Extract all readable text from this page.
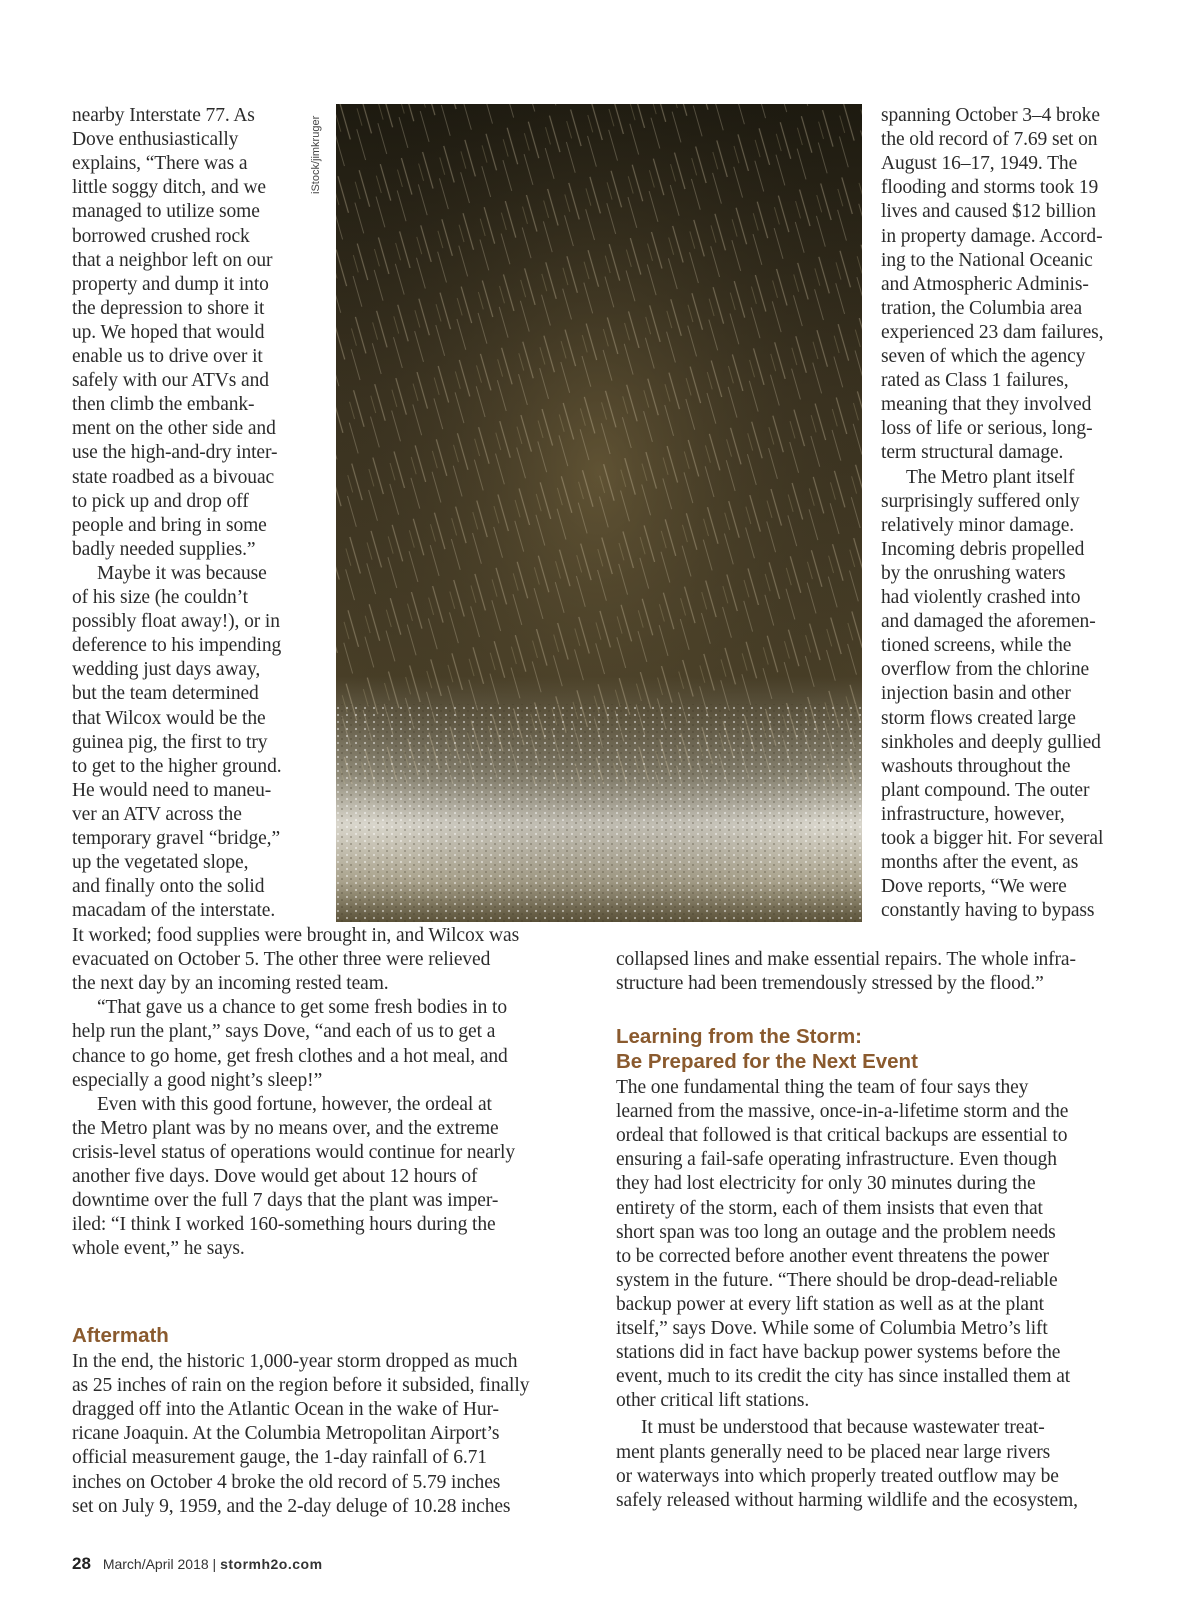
iStock/jimkruger
28 March/April 2018 | stormh2o.com
nearby Interstate 77. As
Dove enthusiastically
explains, “There was a
little soggy ditch, and we
managed to utilize some
borrowed crushed rock
that a neighbor left on our
property and dump it into
the depression to shore it
up. We hoped that would
enable us to drive over it
safely with our ATVs and
then climb the embank-
ment on the other side and
use the high-and-dry inter-
state roadbed as a bivouac
to pick up and drop off
people and bring in some
badly needed supplies.”
Maybe it was because
of his size (he couldn’t
possibly float away!), or in
deference to his impending
wedding just days away,
but the team determined
that Wilcox would be the
guinea pig, the first to try
to get to the higher ground.
He would need to maneu-
ver an ATV across the
temporary gravel “bridge,”
up the vegetated slope,
and finally onto the solid
macadam of the interstate.
It worked; food supplies were brought in, and Wilcox was
evacuated on October 5. The other three were relieved
the next day by an incoming rested team.
“That gave us a chance to get some fresh bodies in to
help run the plant,” says Dove, “and each of us to get a
chance to go home, get fresh clothes and a hot meal, and
especially a good night’s sleep!”
Even with this good fortune, however, the ordeal at
the Metro plant was by no means over, and the extreme
crisis-level status of operations would continue for nearly
another five days. Dove would get about 12 hours of
downtime over the full 7 days that the plant was imper-
iled: “I think I worked 160-something hours during the
whole event,” he says.
Aftermath
In the end, the historic 1,000-year storm dropped as much
as 25 inches of rain on the region before it subsided, finally
dragged off into the Atlantic Ocean in the wake of Hur-
ricane Joaquin. At the Columbia Metropolitan Airport’s
official measurement gauge, the 1-day rainfall of 6.71
inches on October 4 broke the old record of 5.79 inches
set on July 9, 1959, and the 2-day deluge of 10.28 inches
spanning October 3–4 broke
the old record of 7.69 set on
August 16–17, 1949. The
flooding and storms took 19
lives and caused $12 billion
in property damage. Accord-
ing to the National Oceanic
and Atmospheric Adminis-
tration, the Columbia area
experienced 23 dam failures,
seven of which the agency
rated as Class 1 failures,
meaning that they involved
loss of life or serious, long-
term structural damage.
The Metro plant itself
surprisingly suffered only
relatively minor damage.
Incoming debris propelled
by the onrushing waters
had violently crashed into
and damaged the aforemen-
tioned screens, while the
overflow from the chlorine
injection basin and other
storm flows created large
sinkholes and deeply gullied
washouts throughout the
plant compound. The outer
infrastructure, however,
took a bigger hit. For several
months after the event, as
Dove reports, “We were
constantly having to bypass
collapsed lines and make essential repairs. The whole infra-
structure had been tremendously stressed by the flood.”
Learning from the Storm:
Be Prepared for the Next Event
The one fundamental thing the team of four says they
learned from the massive, once-in-a-lifetime storm and the
ordeal that followed is that critical backups are essential to
ensuring a fail-safe operating infrastructure. Even though
they had lost electricity for only 30 minutes during the
entirety of the storm, each of them insists that even that
short span was too long an outage and the problem needs
to be corrected before another event threatens the power
system in the future. “There should be drop-dead-reliable
backup power at every lift station as well as at the plant
itself,” says Dove. While some of Columbia Metro’s lift
stations did in fact have backup power systems before the
event, much to its credit the city has since installed them at
other critical lift stations.
It must be understood that because wastewater treat-
ment plants generally need to be placed near large rivers
or waterways into which properly treated outflow may be
safely released without harming wildlife and the ecosystem,
